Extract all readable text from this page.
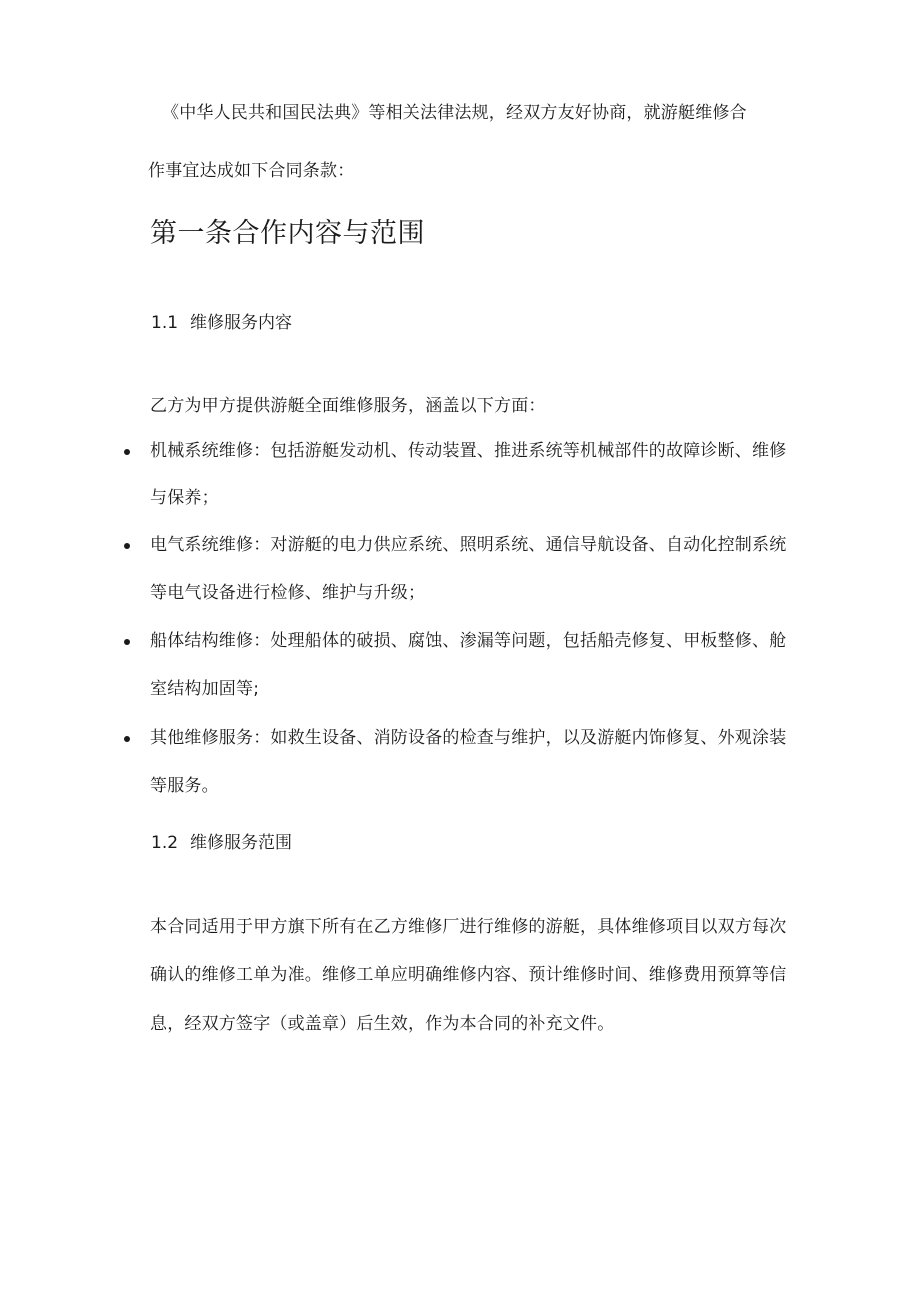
《中华人民共和国民法典》等相关法律法规，经双方友好协商，就游艇维修合
作事宜达成如下合同条款：
第一条合作内容与范围
1.1 维修服务内容
乙方为甲方提供游艇全面维修服务，涵盖以下方面：
机械系统维修：包括游艇发动机、传动装置、推进系统等机械部件的故障诊断、维修
与保养；
电气系统维修：对游艇的电力供应系统、照明系统、通信导航设备、自动化控制系统
等电气设备进行检修、维护与升级；
船体结构维修：处理船体的破损、腐蚀、渗漏等问题，包括船壳修复、甲板整修、舱
室结构加固等;
其他维修服务：如救生设备、消防设备的检查与维护，以及游艇内饰修复、外观涂装
等服务。
1.2 维修服务范围
本合同适用于甲方旗下所有在乙方维修厂进行维修的游艇，具体维修项目以双方每次
确认的维修工单为准。维修工单应明确维修内容、预计维修时间、维修费用预算等信
息，经双方签字（或盖章）后生效，作为本合同的补充文件。
